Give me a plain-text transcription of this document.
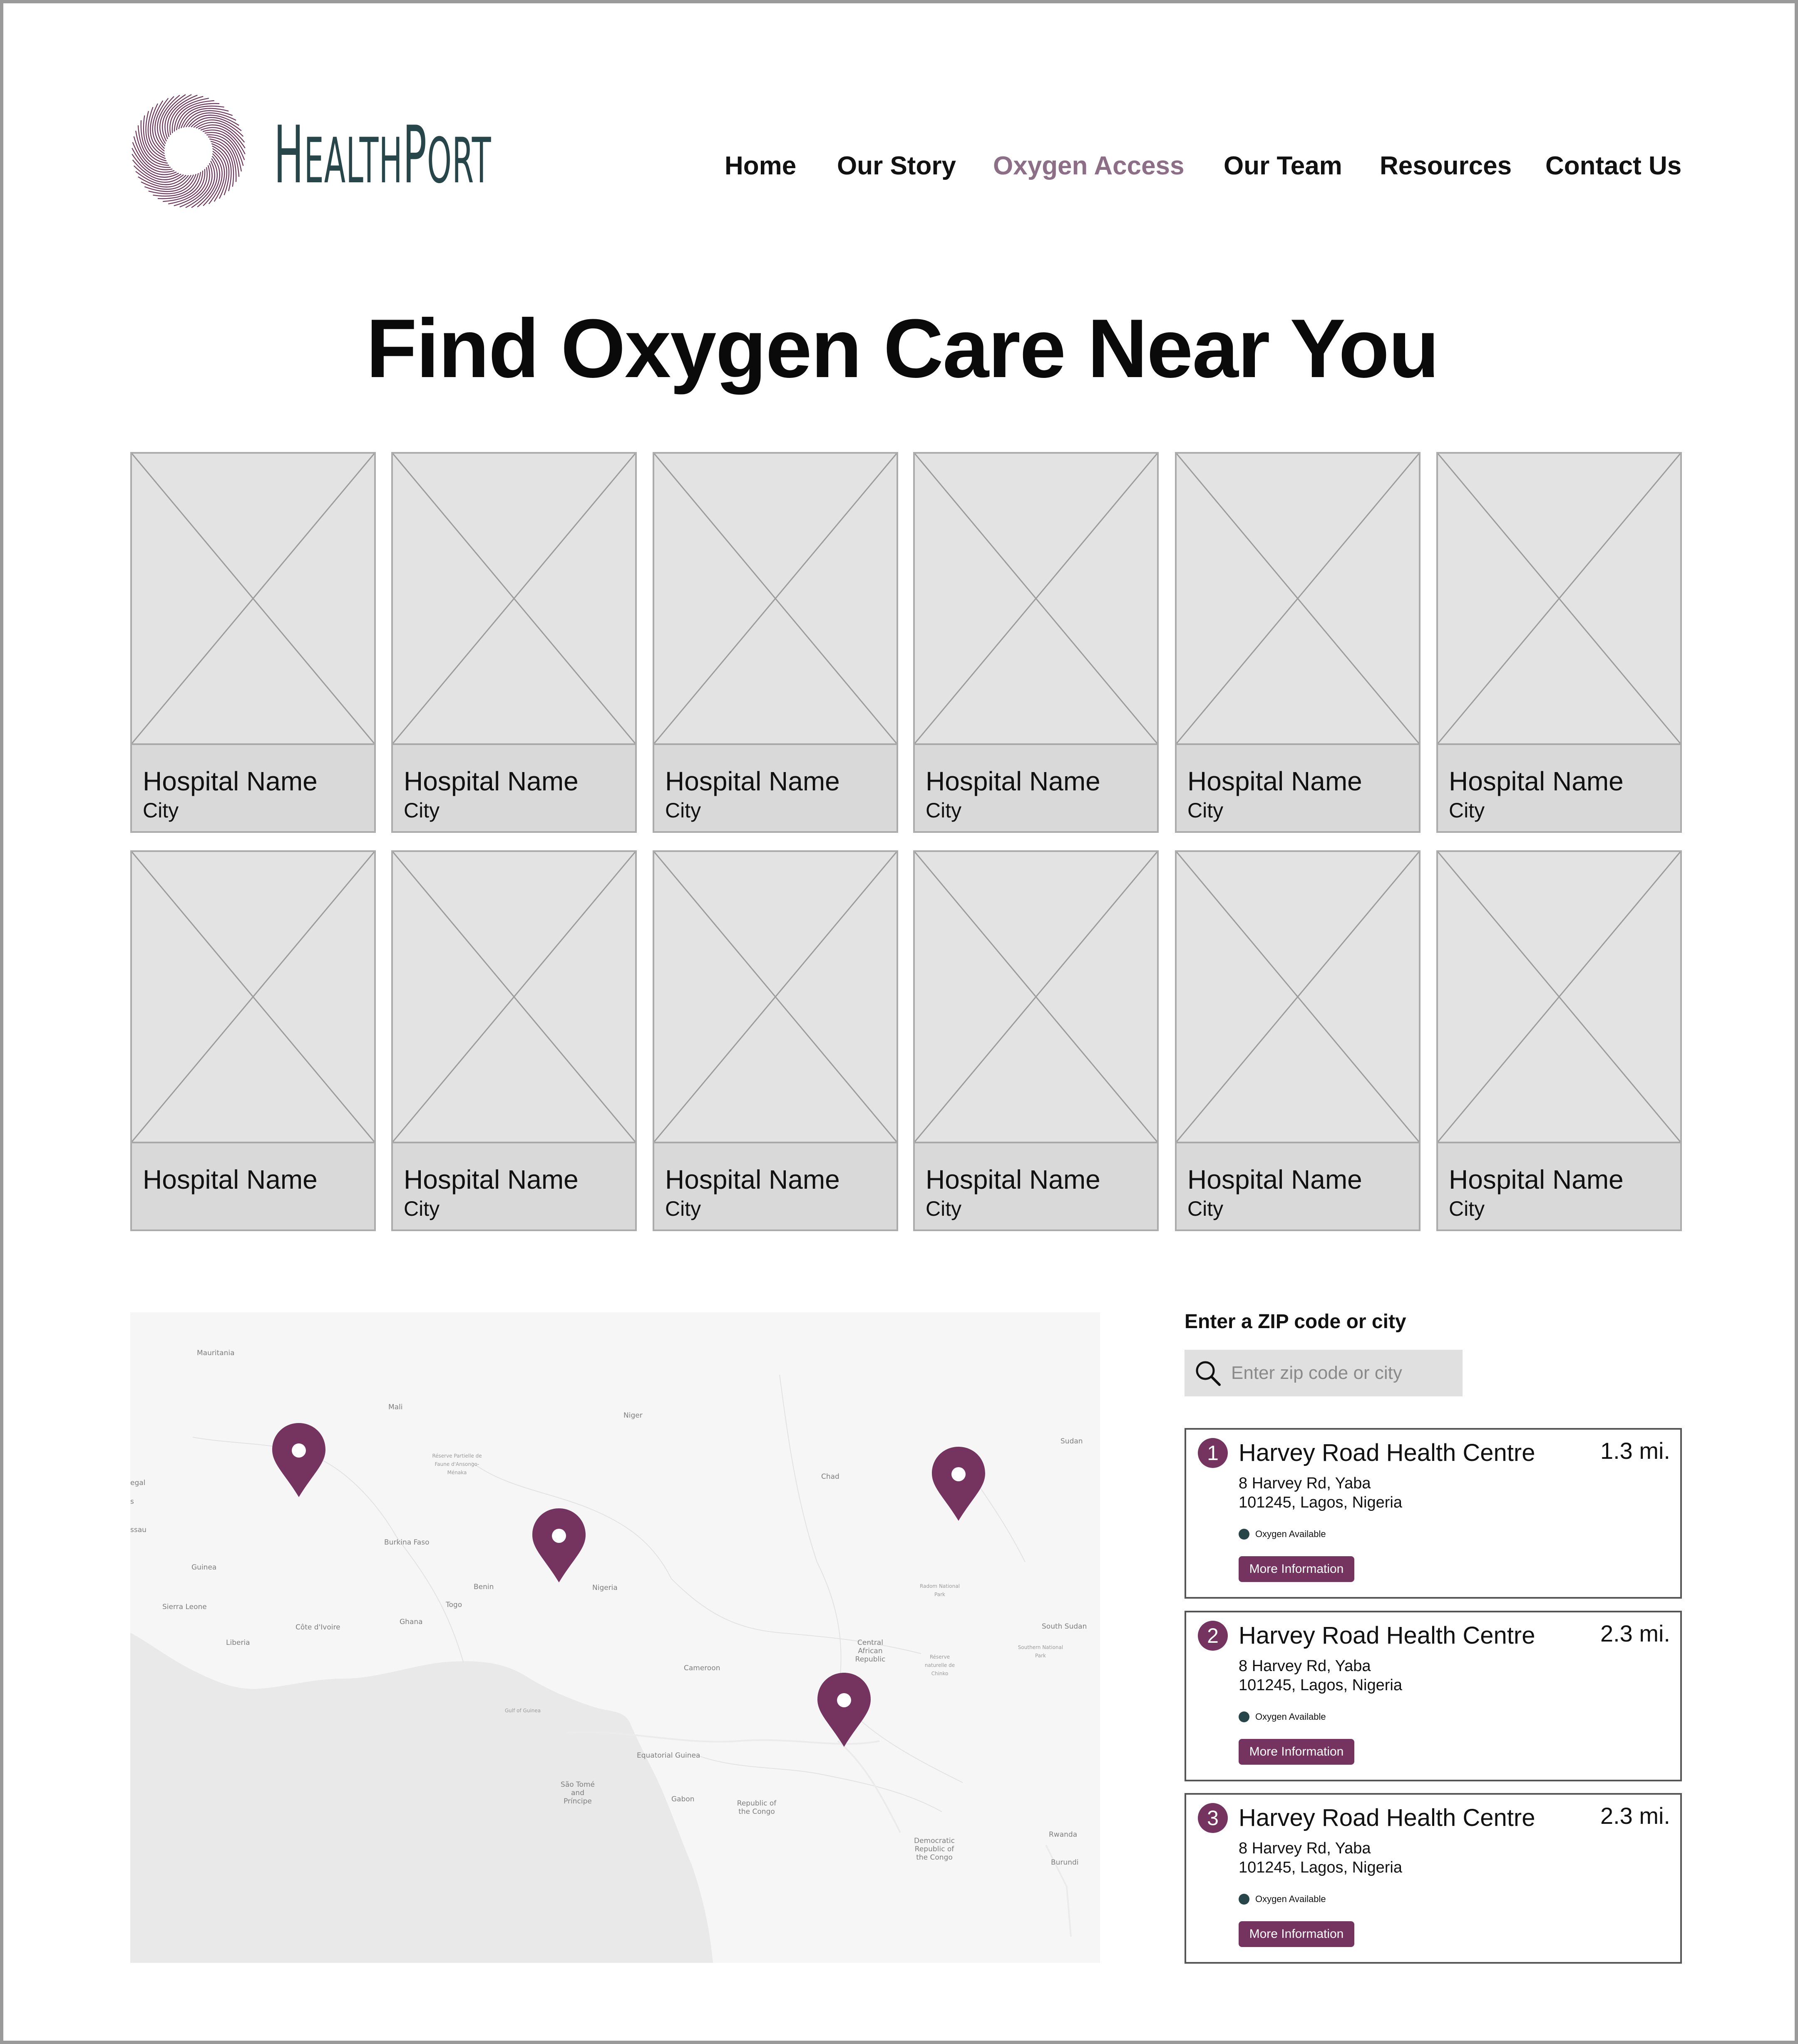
HEALTHPORT	Home Our Story Oxygen Access Our Team Resources Contact Us
Find Oxygen Care Near You
Hospital Name
City
Hospital Name
City
Hospital Name
City
Hospital Name
City
Hospital Name
City
Hospital Name
City
Hospital Name	Hospital Name
City
Hospital Name
City
Hospital Name
City
Hospital Name
City
Hospital Name
City
Mauritania
Mali
Niger
Sudan
egal
s
ssau
Guinea
Sierra Leone
Liberia
Côte d'Ivoire
Burkina Faso
Ghana
Togo
Benin	Nigeria
Chad
Cameroon
Central African Republic
South Sudan
Equatorial Guinea
São Tomé and Príncipe	Gabon	Republic of the Congo
Democratic Republic of the Congo
Rwanda
Burundi
Réserve Partielle de Faune d'Ansongo-Ménaka
Gulf of Guinea
Radom National Park
Réserve naturelle de Chinko
Southern National Park
Enter a ZIP code or city
Enter zip code or city
1 Harvey Road Health Centre	1.3 mi.
8 Harvey Rd, Yaba
101245, Lagos, Nigeria
Oxygen Available
More Information
2 Harvey Road Health Centre	2.3 mi.
8 Harvey Rd, Yaba
101245, Lagos, Nigeria
Oxygen Available
More Information
3 Harvey Road Health Centre	2.3 mi.
8 Harvey Rd, Yaba
101245, Lagos, Nigeria
Oxygen Available
More Information
